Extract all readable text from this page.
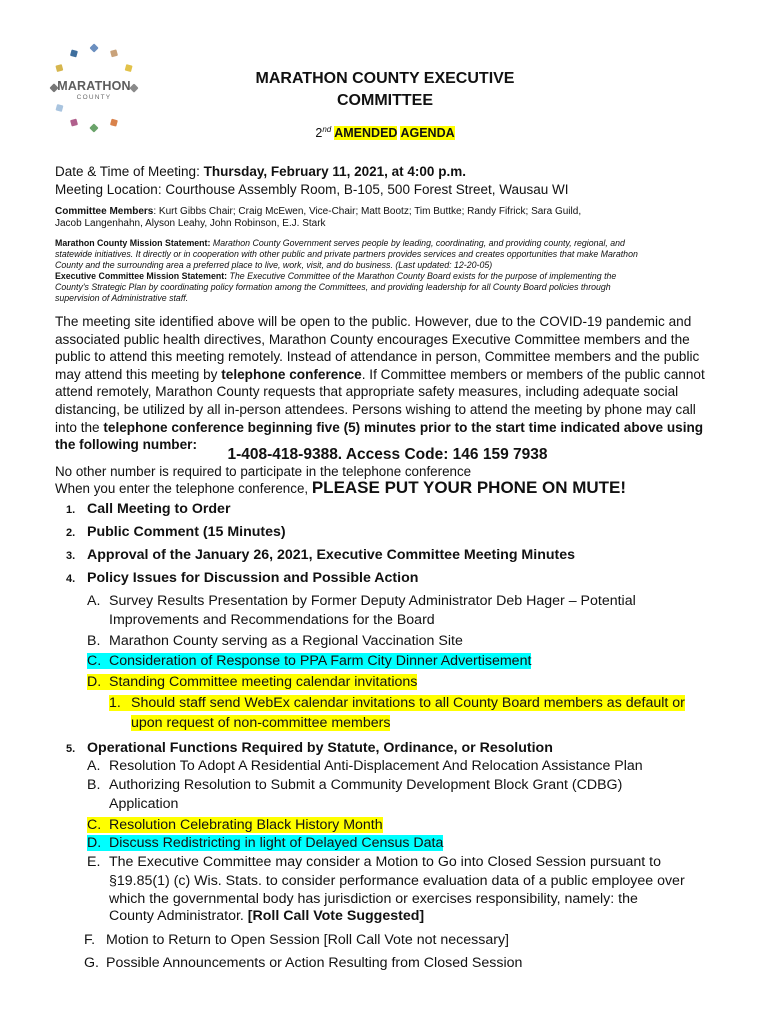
MARATHON
COUNTY
MARATHON COUNTY EXECUTIVE
COMMITTEE
2nd AMENDED AGENDA
Date & Time of Meeting: Thursday, February 11, 2021, at 4:00 p.m.
Meeting Location: Courthouse Assembly Room, B-105, 500 Forest Street, Wausau WI
Committee Members: Kurt Gibbs Chair; Craig McEwen, Vice-Chair; Matt Bootz; Tim Buttke; Randy Fifrick; Sara Guild,
Jacob Langenhahn, Alyson Leahy, John Robinson, E.J. Stark
Marathon County Mission Statement: Marathon County Government serves people by leading, coordinating, and providing county, regional, and
statewide initiatives. It directly or in cooperation with other public and private partners provides services and creates opportunities that make Marathon
County and the surrounding area a preferred place to live, work, visit, and do business. (Last updated: 12-20-05)
Executive Committee Mission Statement: The Executive Committee of the Marathon County Board exists for the purpose of implementing the
County's Strategic Plan by coordinating policy formation among the Committees, and providing leadership for all County Board policies through
supervision of Administrative staff.
The meeting site identified above will be open to the public. However, due to the COVID-19 pandemic and
associated public health directives, Marathon County encourages Executive Committee members and the
public to attend this meeting remotely. Instead of attendance in person, Committee members and the public
may attend this meeting by telephone conference. If Committee members or members of the public cannot
attend remotely, Marathon County requests that appropriate safety measures, including adequate social
distancing, be utilized by all in-person attendees. Persons wishing to attend the meeting by phone may call
into the telephone conference beginning five (5) minutes prior to the start time indicated above using
the following number:
1-408-418-9388. Access Code: 146 159 7938
No other number is required to participate in the telephone conference
When you enter the telephone conference, PLEASE PUT YOUR PHONE ON MUTE!
1. Call Meeting to Order
2. Public Comment (15 Minutes)
3. Approval of the January 26, 2021, Executive Committee Meeting Minutes
4. Policy Issues for Discussion and Possible Action
A. Survey Results Presentation by Former Deputy Administrator Deb Hager – Potential
Improvements and Recommendations for the Board
B. Marathon County serving as a Regional Vaccination Site
C. Consideration of Response to PPA Farm City Dinner Advertisement
D. Standing Committee meeting calendar invitations
1. Should staff send WebEx calendar invitations to all County Board members as default or
upon request of non-committee members
5. Operational Functions Required by Statute, Ordinance, or Resolution
A. Resolution To Adopt A Residential Anti-Displacement And Relocation Assistance Plan
B. Authorizing Resolution to Submit a Community Development Block Grant (CDBG)
Application
C. Resolution Celebrating Black History Month
D. Discuss Redistricting in light of Delayed Census Data
E. The Executive Committee may consider a Motion to Go into Closed Session pursuant to
§19.85(1) (c) Wis. Stats. to consider performance evaluation data of a public employee over
which the governmental body has jurisdiction or exercises responsibility, namely: the
County Administrator. [Roll Call Vote Suggested]
F. Motion to Return to Open Session [Roll Call Vote not necessary]
G. Possible Announcements or Action Resulting from Closed Session
